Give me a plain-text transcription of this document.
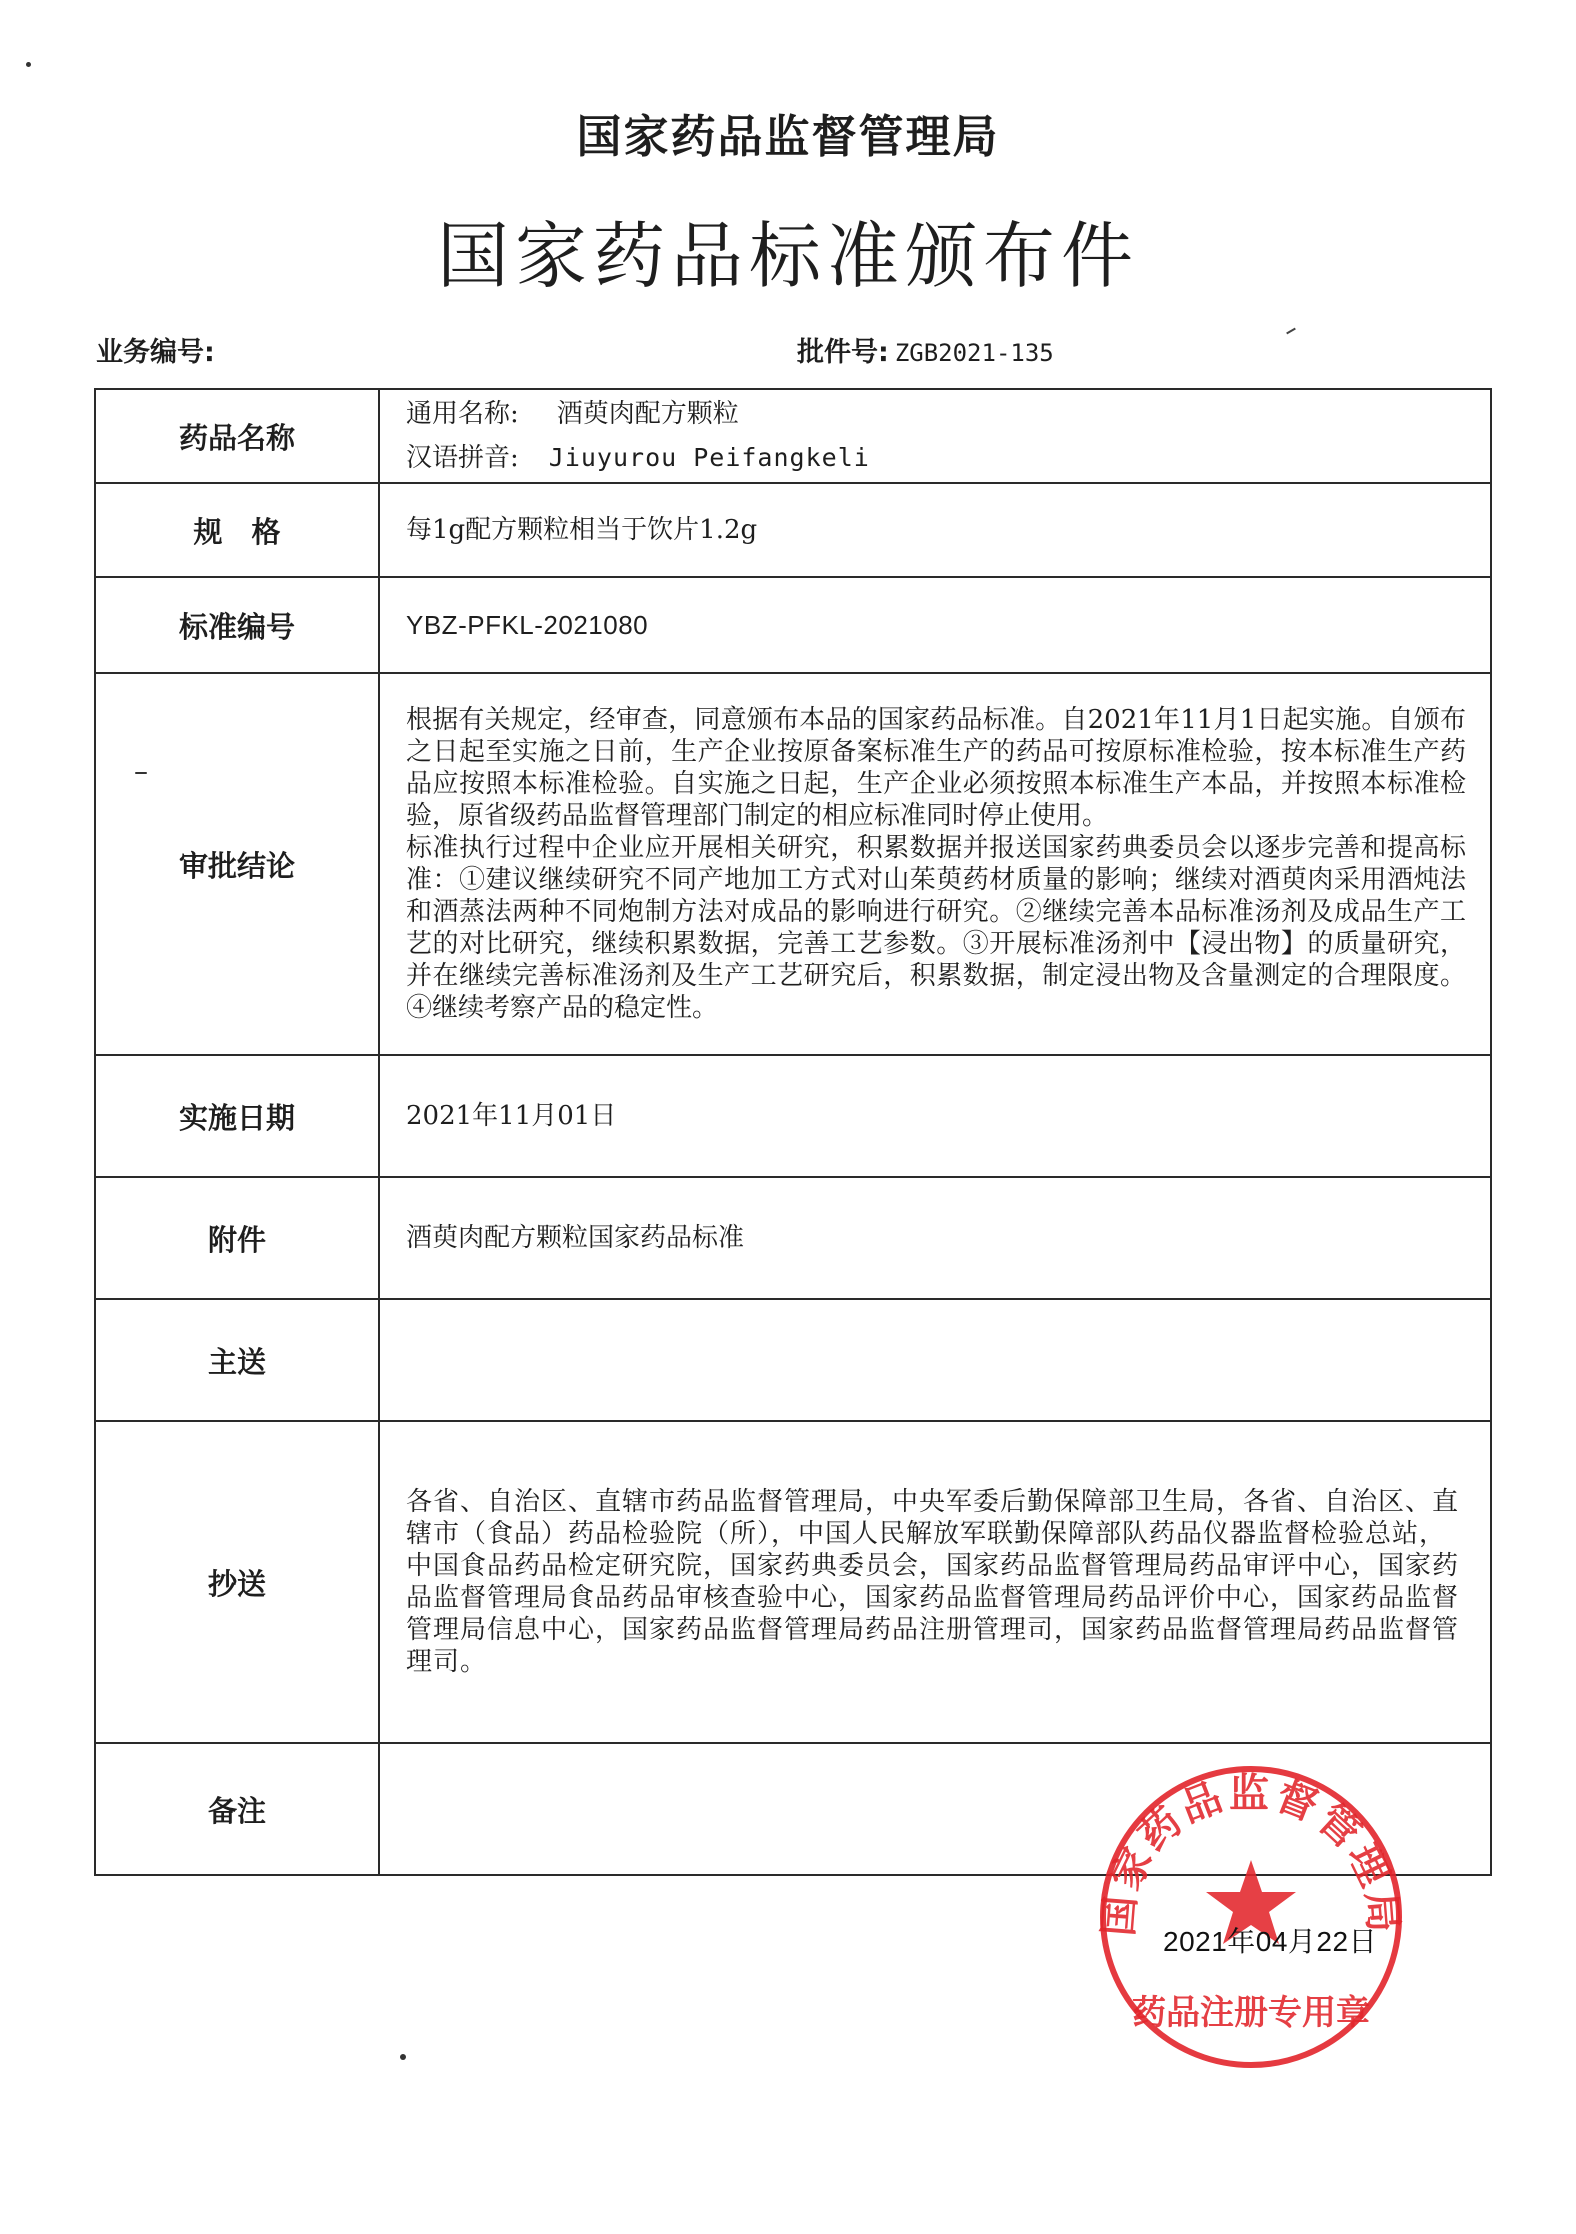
国家药品监督管理局
国家药品标准颁布件
业务编号:	批件号: ZGB2021-135
药品名称	通用名称: 酒萸肉配方颗粒
汉语拼音: Jiuyurou Peifangkeli

规　格	每1g配方颗粒相当于饮片1.2g
标准编号	YBZ-PFKL-2021080
审批结论	根据有关规定，经审查，同意颁布本品的国家药品标准。自2021年11月1日起实施。自颁布之日起至实施之日前，生产企业按原备案标准生产的药品可按原标准检验，按本标准生产药品应按照本标准检验。自实施之日起，生产企业必须按照本标准生产本品，并按照本标准检验，原省级药品监督管理部门制定的相应标准同时停止使用。

标准执行过程中企业应开展相关研究，积累数据并报送国家药典委员会以逐步完善和提高标准：①建议继续研究不同产地加工方式对山茱萸药材质量的影响；继续对酒萸肉采用酒炖法和酒蒸法两种不同炮制方法对成品的影响进行研究。②继续完善本品标准汤剂及成品生产工艺的对比研究，继续积累数据，完善工艺参数。③开展标准汤剂中【浸出物】的质量研究，并在继续完善标准汤剂及生产工艺研究后，积累数据，制定浸出物及含量测定的合理限度。④继续考察产品的稳定性。

实施日期	2021年11月01日
附件	酒萸肉配方颗粒国家药品标准
主送	
抄送	各省、自治区、直辖市药品监督管理局，中央军委后勤保障部卫生局，各省、自治区、直辖市（食品）药品检验院（所），中国人民解放军联勤保障部队药品仪器监督检验总站，中国食品药品检定研究院，国家药典委员会，国家药品监督管理局药品审评中心，国家药品监督管理局食品药品审核查验中心，国家药品监督管理局药品评价中心，国家药品监督管理局信息中心，国家药品监督管理局药品注册管理司，国家药品监督管理局药品监督管理司。
备注	
国家药品监督管理局
药品注册专用章
2021年04月22日
